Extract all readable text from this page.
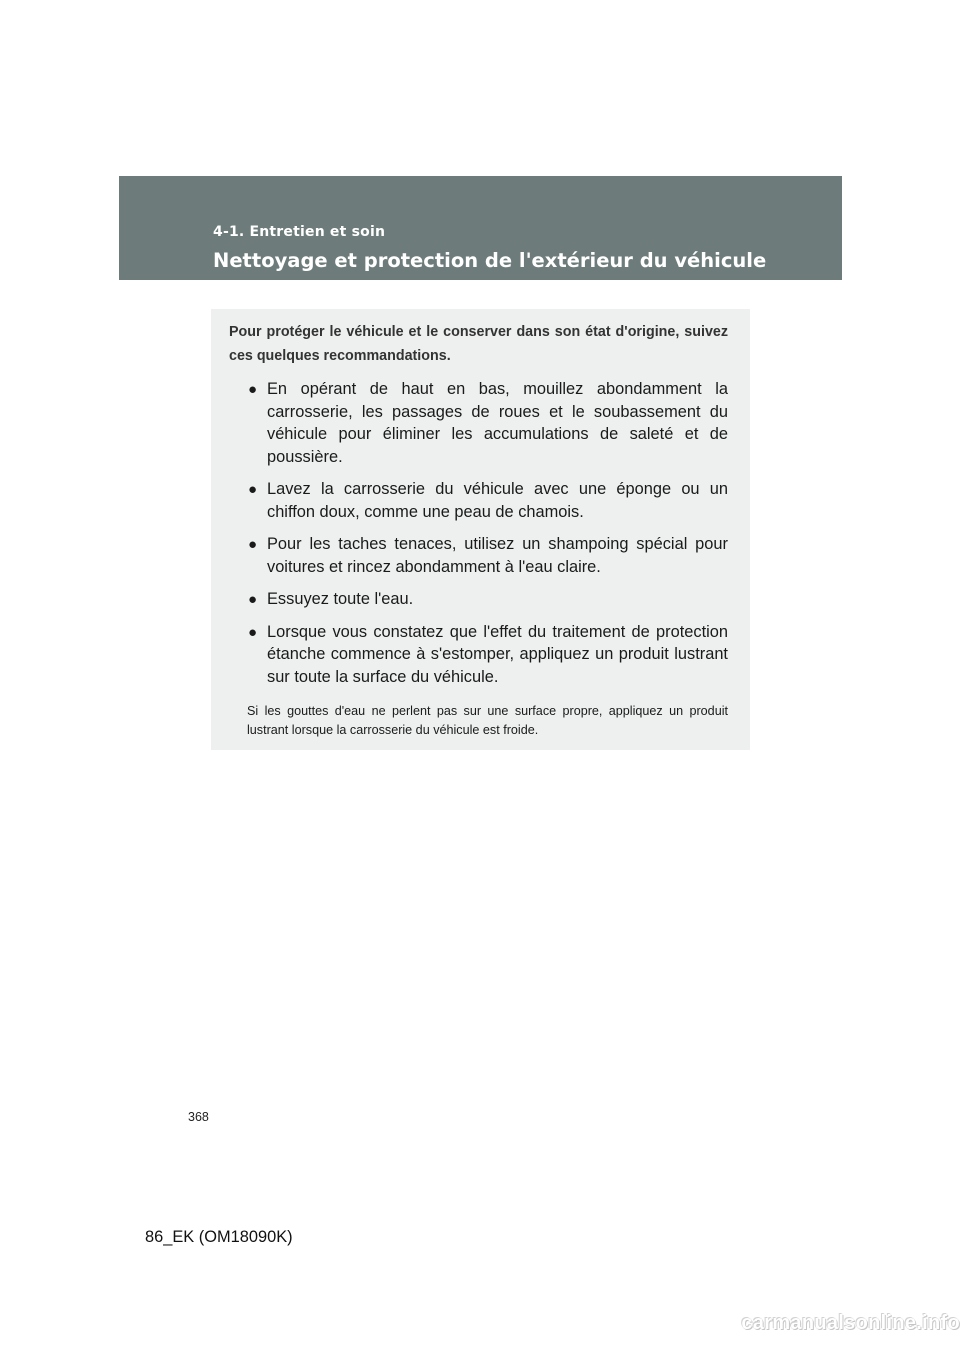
4-1. Entretien et soin
Nettoyage et protection de l'extérieur du véhicule

Pour protéger le véhicule et le conserver dans son état d'origine, suivez ces quelques recommandations.

● En opérant de haut en bas, mouillez abondamment la carrosserie, les passages de roues et le soubassement du véhicule pour éliminer les accumulations de saleté et de poussière.
● Lavez la carrosserie du véhicule avec une éponge ou un chiffon doux, comme une peau de chamois.
● Pour les taches tenaces, utilisez un shampoing spécial pour voitures et rincez abondamment à l'eau claire.
● Essuyez toute l'eau.
● Lorsque vous constatez que l'effet du traitement de protection étanche commence à s'estomper, appliquez un produit lustrant sur toute la surface du véhicule.

Si les gouttes d'eau ne perlent pas sur une surface propre, appliquez un produit lustrant lorsque la carrosserie du véhicule est froide.

368
86_EK (OM18090K)
carmanualsonline.info
